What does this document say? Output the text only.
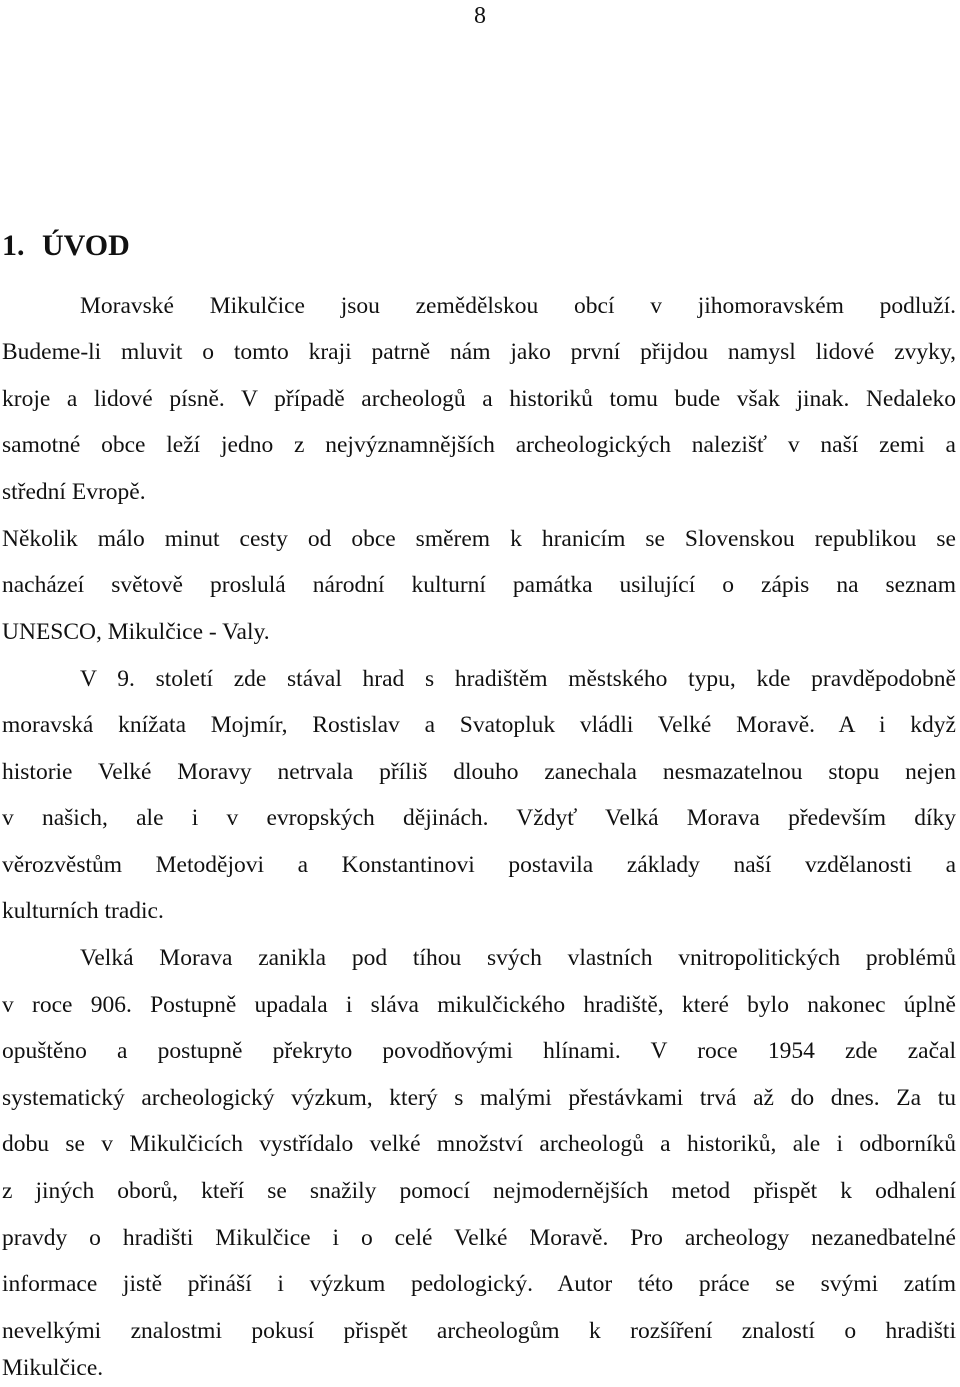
8
1. ÚVOD
Moravské Mikulčice jsou zemědělskou obcí v jihomoravském podluží.
Budeme-li mluvit o tomto kraji patrně nám jako první přijdou namysl lidové zvyky,
kroje a lidové písně. V případě archeologů a historiků tomu bude však jinak. Nedaleko
samotné obce leží jedno z nejvýznamnějších archeologických nalezišť v naší zemi a
střední Evropě.
Několik málo minut cesty od obce směrem k hranicím se Slovenskou republikou se
nacházeí světově proslulá národní kulturní památka usilující o zápis na seznam
UNESCO, Mikulčice - Valy.
V 9. století zde stával hrad s hradištěm městského typu, kde pravděpodobně
moravská knížata Mojmír, Rostislav a Svatopluk vládli Velké Moravě. A i když
historie Velké Moravy netrvala příliš dlouho zanechala nesmazatelnou stopu nejen
v našich, ale i v evropských dějinách. Vždyť Velká Morava především díky
věrozvěstům Metodějovi a Konstantinovi postavila základy naší vzdělanosti a
kulturních tradic.
Velká Morava zanikla pod tíhou svých vlastních vnitropolitických problémů
v roce 906. Postupně upadala i sláva mikulčického hradiště, které bylo nakonec úplně
opuštěno a postupně překryto povodňovými hlínami. V roce 1954 zde začal
systematický archeologický výzkum, který s malými přestávkami trvá až do dnes. Za tu
dobu se v Mikulčicích vystřídalo velké množství archeologů a historiků, ale i odborníků
z jiných oborů, kteří se snažily pomocí nejmodernějších metod přispět k odhalení
pravdy o hradišti Mikulčice i o celé Velké Moravě. Pro archeology nezanedbatelné
informace jistě přináší i výzkum pedologický. Autor této práce se svými zatím
nevelkými znalostmi pokusí přispět archeologům k rozšíření znalostí o hradišti
Mikulčice.
